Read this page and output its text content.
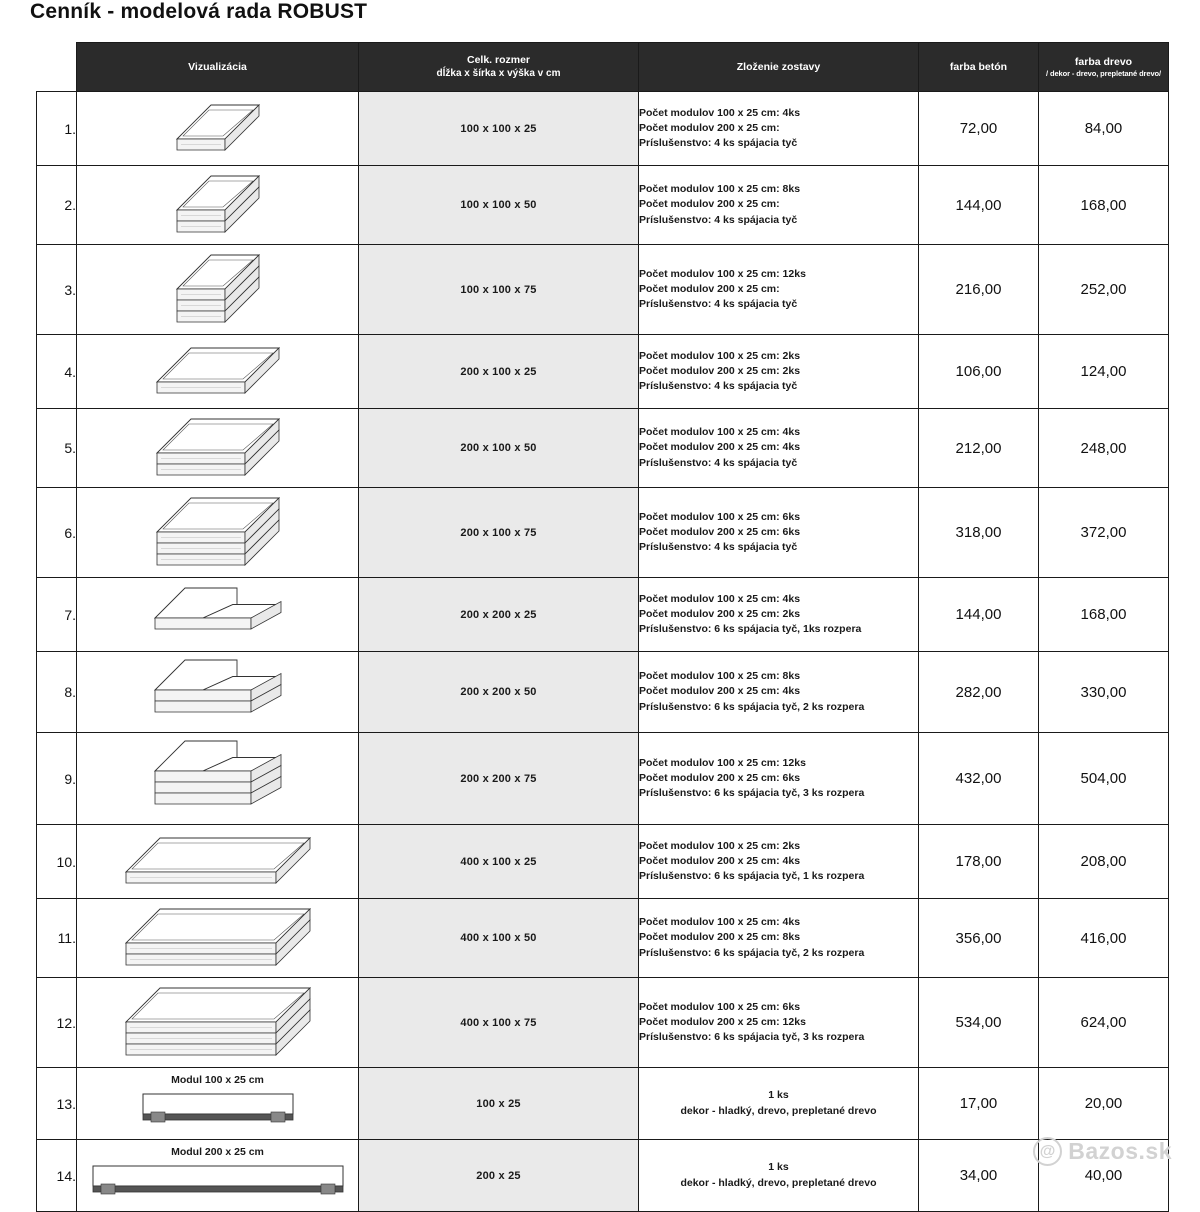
Cenník - modelová rada ROBUST
	Vizualizácia	Celk. rozmer
dĺžka x šírka x výška v cm	Zloženie zostavy	farba betón	farba drevo
/ dekor - drevo, prepletané drevo/

1.		100 x 100 x 25	Počet modulov 100 x 25 cm: 4ks
Počet modulov 200 x 25 cm:
Príslušenstvo: 4 ks spájacia tyč	72,00	84,00
2.		100 x 100 x 50	Počet modulov 100 x 25 cm: 8ks
Počet modulov 200 x 25 cm:
Príslušenstvo: 4 ks spájacia tyč	144,00	168,00
3.		100 x 100 x 75	Počet modulov 100 x 25 cm: 12ks
Počet modulov 200 x 25 cm:
Príslušenstvo: 4 ks spájacia tyč	216,00	252,00
4.		200 x 100 x 25	Počet modulov 100 x 25 cm: 2ks
Počet modulov 200 x 25 cm: 2ks
Príslušenstvo: 4 ks spájacia tyč	106,00	124,00
5.		200 x 100 x 50	Počet modulov 100 x 25 cm: 4ks
Počet modulov 200 x 25 cm: 4ks
Príslušenstvo: 4 ks spájacia tyč	212,00	248,00
6.		200 x 100 x 75	Počet modulov 100 x 25 cm: 6ks
Počet modulov 200 x 25 cm: 6ks
Príslušenstvo: 4 ks spájacia tyč	318,00	372,00
7.		200 x 200 x 25	Počet modulov 100 x 25 cm: 4ks
Počet modulov 200 x 25 cm: 2ks
Príslušenstvo: 6 ks spájacia tyč, 1ks rozpera	144,00	168,00
8.		200 x 200 x 50	Počet modulov 100 x 25 cm: 8ks
Počet modulov 200 x 25 cm: 4ks
Príslušenstvo: 6 ks spájacia tyč, 2 ks rozpera	282,00	330,00
9.		200 x 200 x 75	Počet modulov 100 x 25 cm: 12ks
Počet modulov 200 x 25 cm: 6ks
Príslušenstvo: 6 ks spájacia tyč, 3 ks rozpera	432,00	504,00
10.		400 x 100 x 25	Počet modulov 100 x 25 cm: 2ks
Počet modulov 200 x 25 cm: 4ks
Príslušenstvo: 6 ks spájacia tyč, 1 ks rozpera	178,00	208,00
11.		400 x 100 x 50	Počet modulov 100 x 25 cm: 4ks
Počet modulov 200 x 25 cm: 8ks
Príslušenstvo: 6 ks spájacia tyč, 2 ks rozpera	356,00	416,00
12.		400 x 100 x 75	Počet modulov 100 x 25 cm: 6ks
Počet modulov 200 x 25 cm: 12ks
Príslušenstvo: 6 ks spájacia tyč, 3 ks rozpera	534,00	624,00
13.	Modul 100 x 25 cm	100 x 25	1 ks
dekor - hladký, drevo, prepletané drevo	17,00	20,00
14.	Modul 200 x 25 cm	200 x 25	1 ks
dekor - hladký, drevo, prepletané drevo	34,00	40,00
@
Bazos.sk
